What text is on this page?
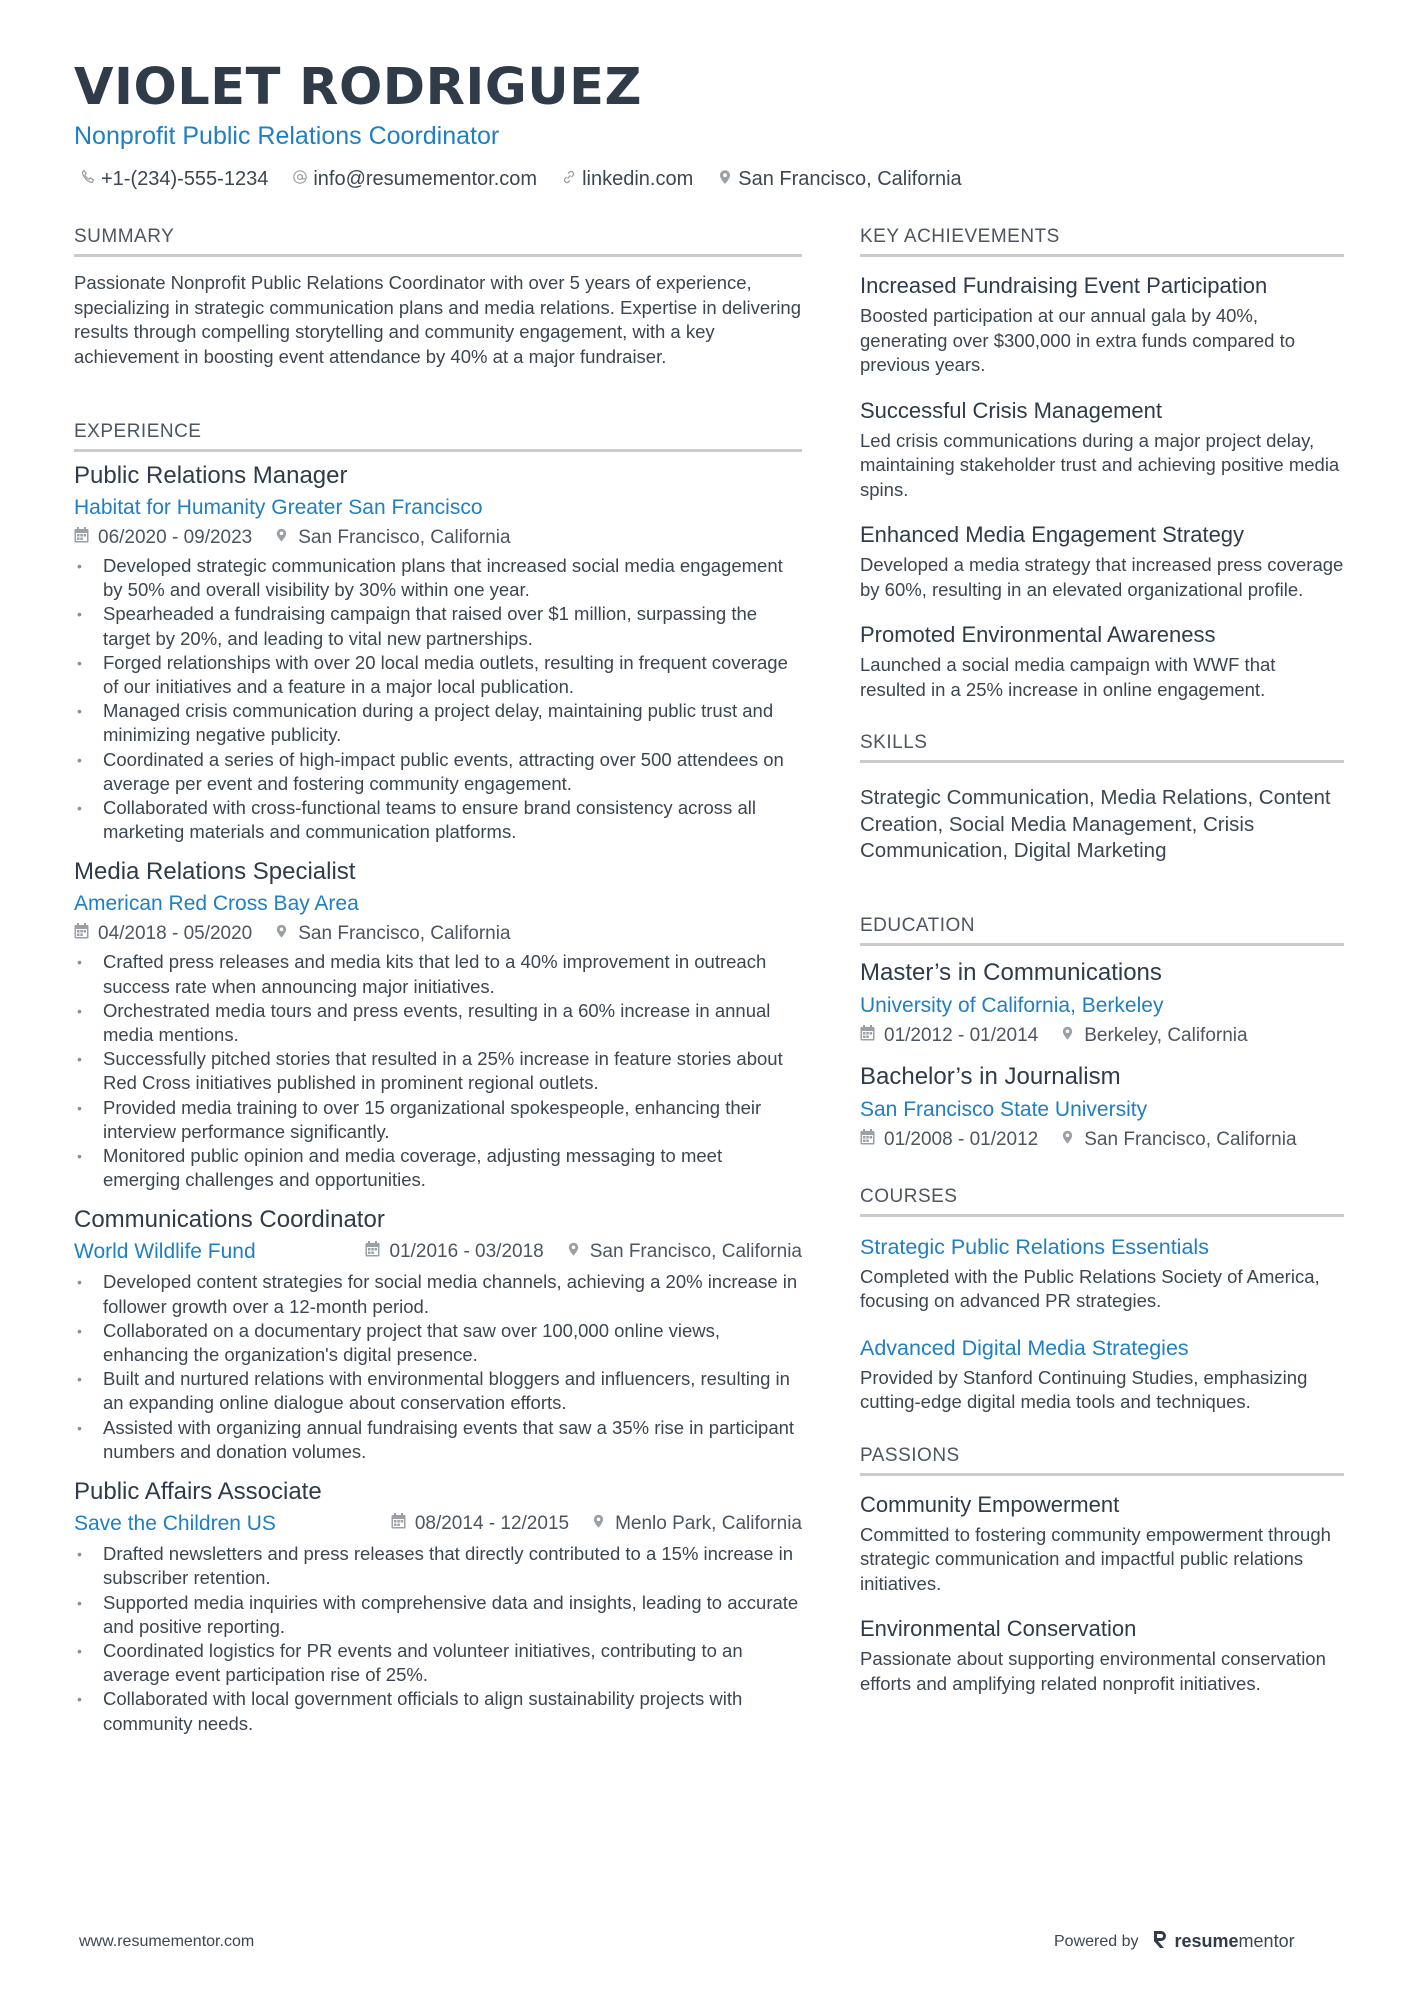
VIOLET RODRIGUEZ
Nonprofit Public Relations Coordinator
+1-(234)-555-1234 info@resumementor.com linkedin.com San Francisco, California
SUMMARY
Passionate Nonprofit Public Relations Coordinator with over 5 years of experience, specializing in strategic communication plans and media relations. Expertise in delivering results through compelling storytelling and community engagement, with a key achievement in boosting event attendance by 40% at a major fundraiser.
EXPERIENCE
Public Relations Manager
Habitat for Humanity Greater San Francisco
06/2020 - 09/2023 San Francisco, California
• Developed strategic communication plans that increased social media engagement by 50% and overall visibility by 30% within one year.
• Spearheaded a fundraising campaign that raised over $1 million, surpassing the target by 20%, and leading to vital new partnerships.
• Forged relationships with over 20 local media outlets, resulting in frequent coverage of our initiatives and a feature in a major local publication.
• Managed crisis communication during a project delay, maintaining public trust and minimizing negative publicity.
• Coordinated a series of high-impact public events, attracting over 500 attendees on average per event and fostering community engagement.
• Collaborated with cross-functional teams to ensure brand consistency across all marketing materials and communication platforms.
Media Relations Specialist
American Red Cross Bay Area
04/2018 - 05/2020 San Francisco, California
• Crafted press releases and media kits that led to a 40% improvement in outreach success rate when announcing major initiatives.
• Orchestrated media tours and press events, resulting in a 60% increase in annual media mentions.
• Successfully pitched stories that resulted in a 25% increase in feature stories about Red Cross initiatives published in prominent regional outlets.
• Provided media training to over 15 organizational spokespeople, enhancing their interview performance significantly.
• Monitored public opinion and media coverage, adjusting messaging to meet emerging challenges and opportunities.
Communications Coordinator
World Wildlife Fund	01/2016 - 03/2018 San Francisco, California
• Developed content strategies for social media channels, achieving a 20% increase in follower growth over a 12-month period.
• Collaborated on a documentary project that saw over 100,000 online views, enhancing the organization's digital presence.
• Built and nurtured relations with environmental bloggers and influencers, resulting in an expanding online dialogue about conservation efforts.
• Assisted with organizing annual fundraising events that saw a 35% rise in participant numbers and donation volumes.
Public Affairs Associate
Save the Children US	08/2014 - 12/2015 Menlo Park, California
• Drafted newsletters and press releases that directly contributed to a 15% increase in subscriber retention.
• Supported media inquiries with comprehensive data and insights, leading to accurate and positive reporting.
• Coordinated logistics for PR events and volunteer initiatives, contributing to an average event participation rise of 25%.
• Collaborated with local government officials to align sustainability projects with community needs.
KEY ACHIEVEMENTS
Increased Fundraising Event Participation
Boosted participation at our annual gala by 40%, generating over $300,000 in extra funds compared to previous years.
Successful Crisis Management
Led crisis communications during a major project delay, maintaining stakeholder trust and achieving positive media spins.
Enhanced Media Engagement Strategy
Developed a media strategy that increased press coverage by 60%, resulting in an elevated organizational profile.
Promoted Environmental Awareness
Launched a social media campaign with WWF that resulted in a 25% increase in online engagement.
SKILLS
Strategic Communication, Media Relations, Content Creation, Social Media Management, Crisis Communication, Digital Marketing
EDUCATION
Master’s in Communications
University of California, Berkeley
01/2012 - 01/2014 Berkeley, California
Bachelor’s in Journalism
San Francisco State University
01/2008 - 01/2012 San Francisco, California
COURSES
Strategic Public Relations Essentials
Completed with the Public Relations Society of America, focusing on advanced PR strategies.
Advanced Digital Media Strategies
Provided by Stanford Continuing Studies, emphasizing cutting-edge digital media tools and techniques.
PASSIONS
Community Empowerment
Committed to fostering community empowerment through strategic communication and impactful public relations initiatives.
Environmental Conservation
Passionate about supporting environmental conservation efforts and amplifying related nonprofit initiatives.
www.resumementor.com	Powered by resumementor
